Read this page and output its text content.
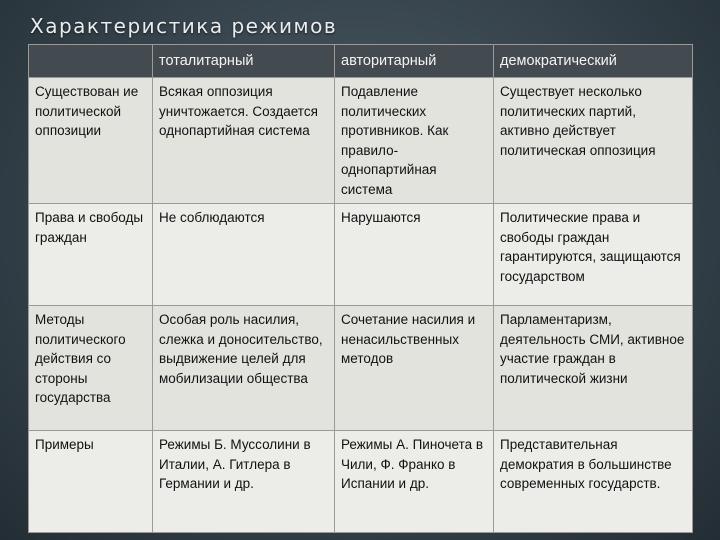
Характеристика режимов
	тоталитарный	авторитарный	демократический
Существован ие политической оппозиции	Всякая оппозиция уничтожается. Создается однопартийная система	Подавление политических противников. Как правило- однопартийная система	Существует несколько политических партий, активно действует политическая оппозиция
Права и свободы граждан	Не соблюдаются	Нарушаются	Политические права и свободы граждан гарантируются, защищаются государством
Методы политического действия со стороны государства	Особая роль насилия, слежка и доносительство, выдвижение целей для мобилизации общества	Сочетание насилия и ненасильственных методов	Парламентаризм, деятельность СМИ, активное участие граждан в политической жизни
Примеры	Режимы Б. Муссолини в Италии, А. Гитлера в Германии и др.	Режимы А. Пиночета в Чили, Ф. Франко в Испании и др.	Представительная демократия в большинстве современных государств.
